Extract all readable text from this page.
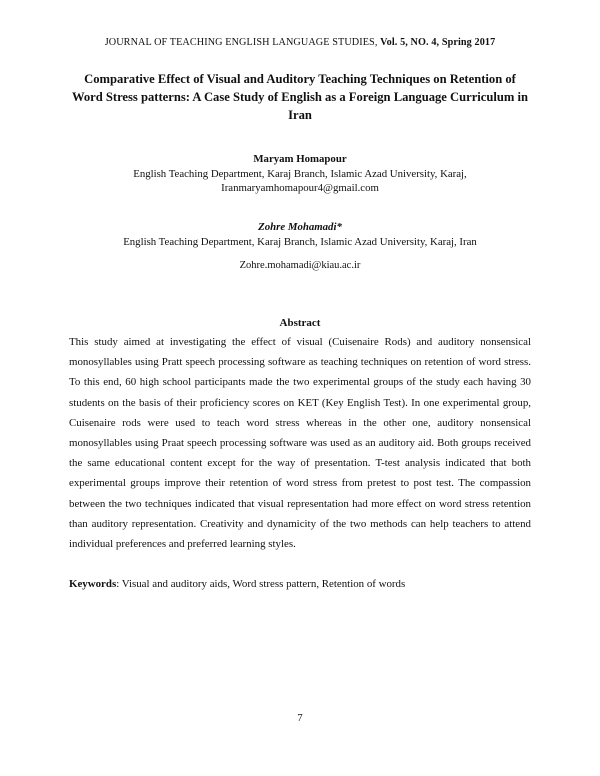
JOURNAL OF TEACHING ENGLISH LANGUAGE STUDIES, Vol. 5, NO. 4, Spring 2017
Comparative Effect of Visual and Auditory Teaching Techniques on Retention of Word Stress patterns: A Case Study of English as a Foreign Language Curriculum in Iran
Maryam Homapour
English Teaching Department, Karaj Branch, Islamic Azad University, Karaj,
Iranmaryamhomapour4@gmail.com
Zohre Mohamadi*
English Teaching Department, Karaj Branch, Islamic Azad University, Karaj, Iran
Zohre.mohamadi@kiau.ac.ir
Abstract

This study aimed at investigating the effect of visual (Cuisenaire Rods) and auditory nonsensical monosyllables using Pratt speech processing software as teaching techniques on retention of word stress. To this end, 60 high school participants made the two experimental groups of the study each having 30 students on the basis of their proficiency scores on KET (Key English Test). In one experimental group, Cuisenaire rods were used to teach word stress whereas in the other one, auditory nonsensical monosyllables using Praat speech processing software was used as an auditory aid. Both groups received the same educational content except for the way of presentation. T-test analysis indicated that both experimental groups improve their retention of word stress from pretest to post test. The compassion between the two techniques indicated that visual representation had more effect on word stress retention than auditory representation. Creativity and dynamicity of the two methods can help teachers to attend individual preferences and preferred learning styles.

Keywords: Visual and auditory aids, Word stress pattern, Retention of words
7
